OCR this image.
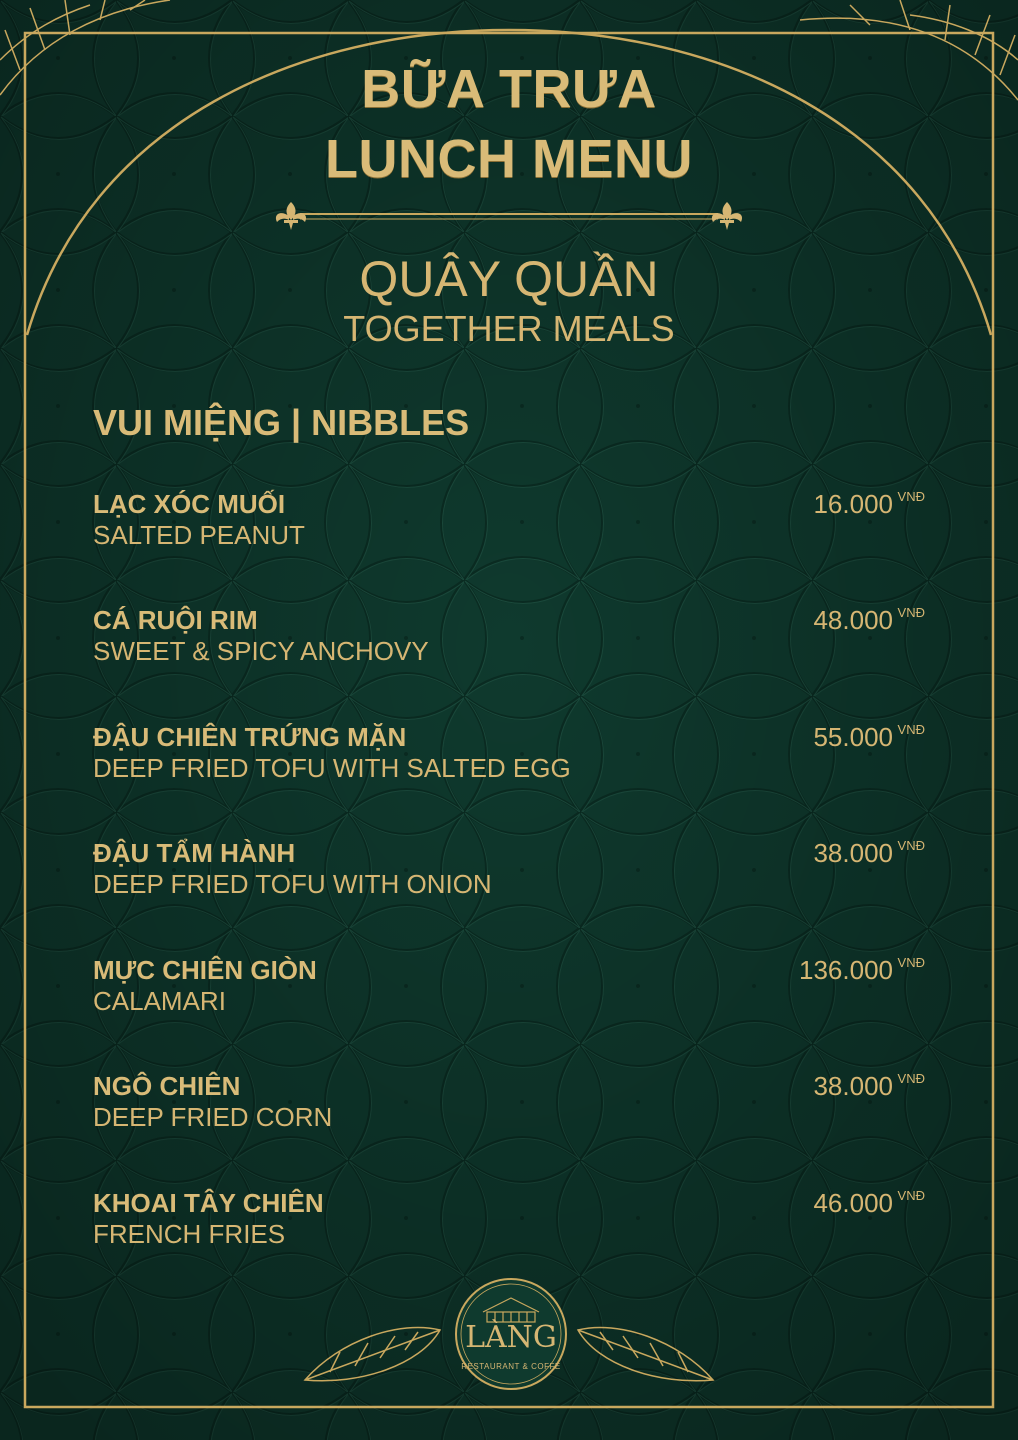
BỮA TRƯA
LUNCH MENU
QUÂY QUẦN
TOGETHER MEALS
VUI MIỆNG | NIBBLES
LẠC XÓC MUỐI
SALTED PEANUT
16.000 VNĐ
CÁ RUỘI RIM
SWEET & SPICY ANCHOVY
48.000 VNĐ
ĐẬU CHIÊN TRỨNG MẶN
DEEP FRIED TOFU WITH SALTED EGG
55.000 VNĐ
ĐẬU TẨM HÀNH
DEEP FRIED TOFU WITH ONION
38.000 VNĐ
MỰC CHIÊN GIÒN
CALAMARI
136.000 VNĐ
NGÔ CHIÊN
DEEP FRIED CORN
38.000 VNĐ
KHOAI TÂY CHIÊN
FRENCH FRIES
46.000 VNĐ
LÀNG
RESTAURANT & COFFE
